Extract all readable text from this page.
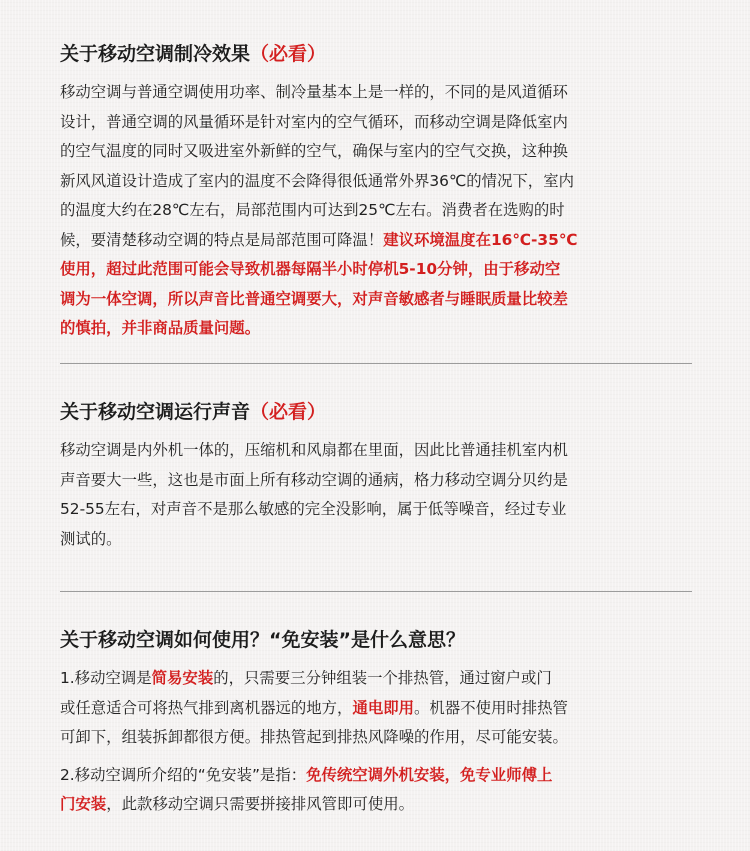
关于移动空调制冷效果（必看）
移动空调与普通空调使用功率、制冷量基本上是一样的，不同的是风道循环
设计，普通空调的风量循环是针对室内的空气循环，而移动空调是降低室内
的空气温度的同时又吸进室外新鲜的空气，确保与室内的空气交换，这种换
新风风道设计造成了室内的温度不会降得很低通常外界36℃的情况下，室内
的温度大约在28℃左右，局部范围内可达到25℃左右。消费者在选购的时
候，要清楚移动空调的特点是局部范围可降温！建议环境温度在16℃-35℃
使用，超过此范围可能会导致机器每隔半小时停机5-10分钟，由于移动空
调为一体空调，所以声音比普通空调要大，对声音敏感者与睡眠质量比较差
的慎拍，并非商品质量问题。
关于移动空调运行声音（必看）
移动空调是内外机一体的，压缩机和风扇都在里面，因此比普通挂机室内机
声音要大一些，这也是市面上所有移动空调的通病，格力移动空调分贝约是
52-55左右，对声音不是那么敏感的完全没影响，属于低等噪音，经过专业
测试的。
关于移动空调如何使用？“免安装”是什么意思？
1.移动空调是简易安装的，只需要三分钟组装一个排热管，通过窗户或门
或任意适合可将热气排到离机器远的地方，通电即用。机器不使用时排热管
可卸下，组装拆卸都很方便。排热管起到排热风降噪的作用，尽可能安装。
2.移动空调所介绍的“免安装”是指：免传统空调外机安装，免专业师傅上
门安装，此款移动空调只需要拼接排风管即可使用。
